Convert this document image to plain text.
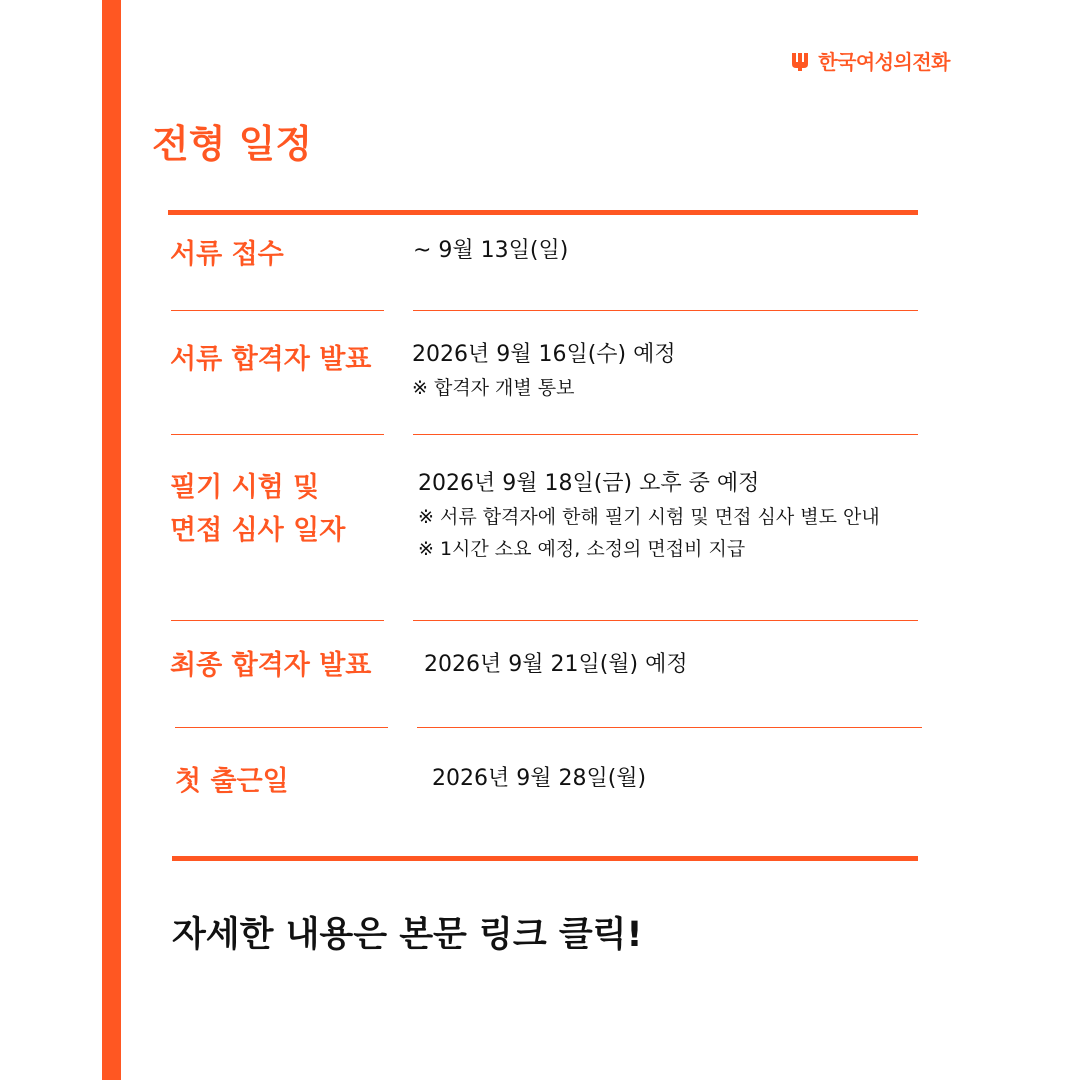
한국여성의전화
전형 일정
서류 접수	~ 9월 13일(일)
서류 합격자 발표 2026년 9월 16일(수) 예정
※ 합격자 개별 통보
필기 시험 및
면접 심사 일자
2026년 9월 18일(금) 오후 중 예정
※ 서류 합격자에 한해 필기 시험 및 면접 심사 별도 안내
※ 1시간 소요 예정, 소정의 면접비 지급
최종 합격자 발표 2026년 9월 21일(월) 예정
첫 출근일	2026년 9월 28일(월)

자세한 내용은 본문 링크 클릭!
